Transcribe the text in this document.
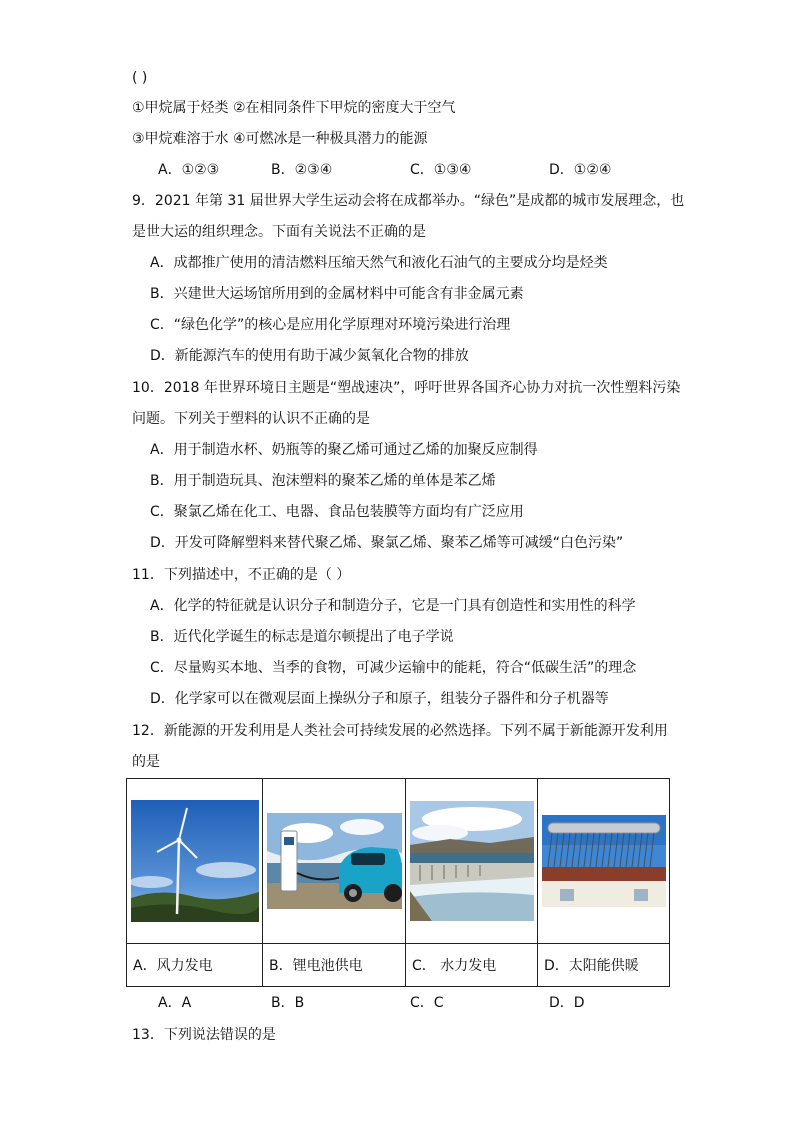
( )
①甲烷属于烃类 ②在相同条件下甲烷的密度大于空气
③甲烷难溶于水 ④可燃冰是一种极具潜力的能源
A．①②③	B．②③④	C．①③④	D．①②④
9．2021 年第 31 届世界大学生运动会将在成都举办。“绿色”是成都的城市发展理念，也
是世大运的组织理念。下面有关说法不正确的是
A．成都推广使用的清洁燃料压缩天然气和液化石油气的主要成分均是烃类
B．兴建世大运场馆所用到的金属材料中可能含有非金属元素
C．“绿色化学”的核心是应用化学原理对环境污染进行治理
D．新能源汽车的使用有助于减少氮氧化合物的排放
10．2018 年世界环境日主题是“塑战速决”，呼吁世界各国齐心协力对抗一次性塑料污染
问题。下列关于塑料的认识不正确的是
A．用于制造水杯、奶瓶等的聚乙烯可通过乙烯的加聚反应制得
B．用于制造玩具、泡沫塑料的聚苯乙烯的单体是苯乙烯
C．聚氯乙烯在化工、电器、食品包装膜等方面均有广泛应用
D．开发可降解塑料来替代聚乙烯、聚氯乙烯、聚苯乙烯等可减缓“白色污染”
11．下列描述中，不正确的是（ ）
A．化学的特征就是认识分子和制造分子，它是一门具有创造性和实用性的科学
B．近代化学诞生的标志是道尔顿提出了电子学说
C．尽量购买本地、当季的食物，可减少运输中的能耗，符合“低碳生活”的理念
D．化学家可以在微观层面上操纵分子和原子，组装分子器件和分子机器等
12．新能源的开发利用是人类社会可持续发展的必然选择。下列不属于新能源开发利用
的是

A．风力发电	B．锂电池供电	C． 水力发电	D．太阳能供暖
A．A	B．B	C．C	D．D
13．下列说法错误的是
